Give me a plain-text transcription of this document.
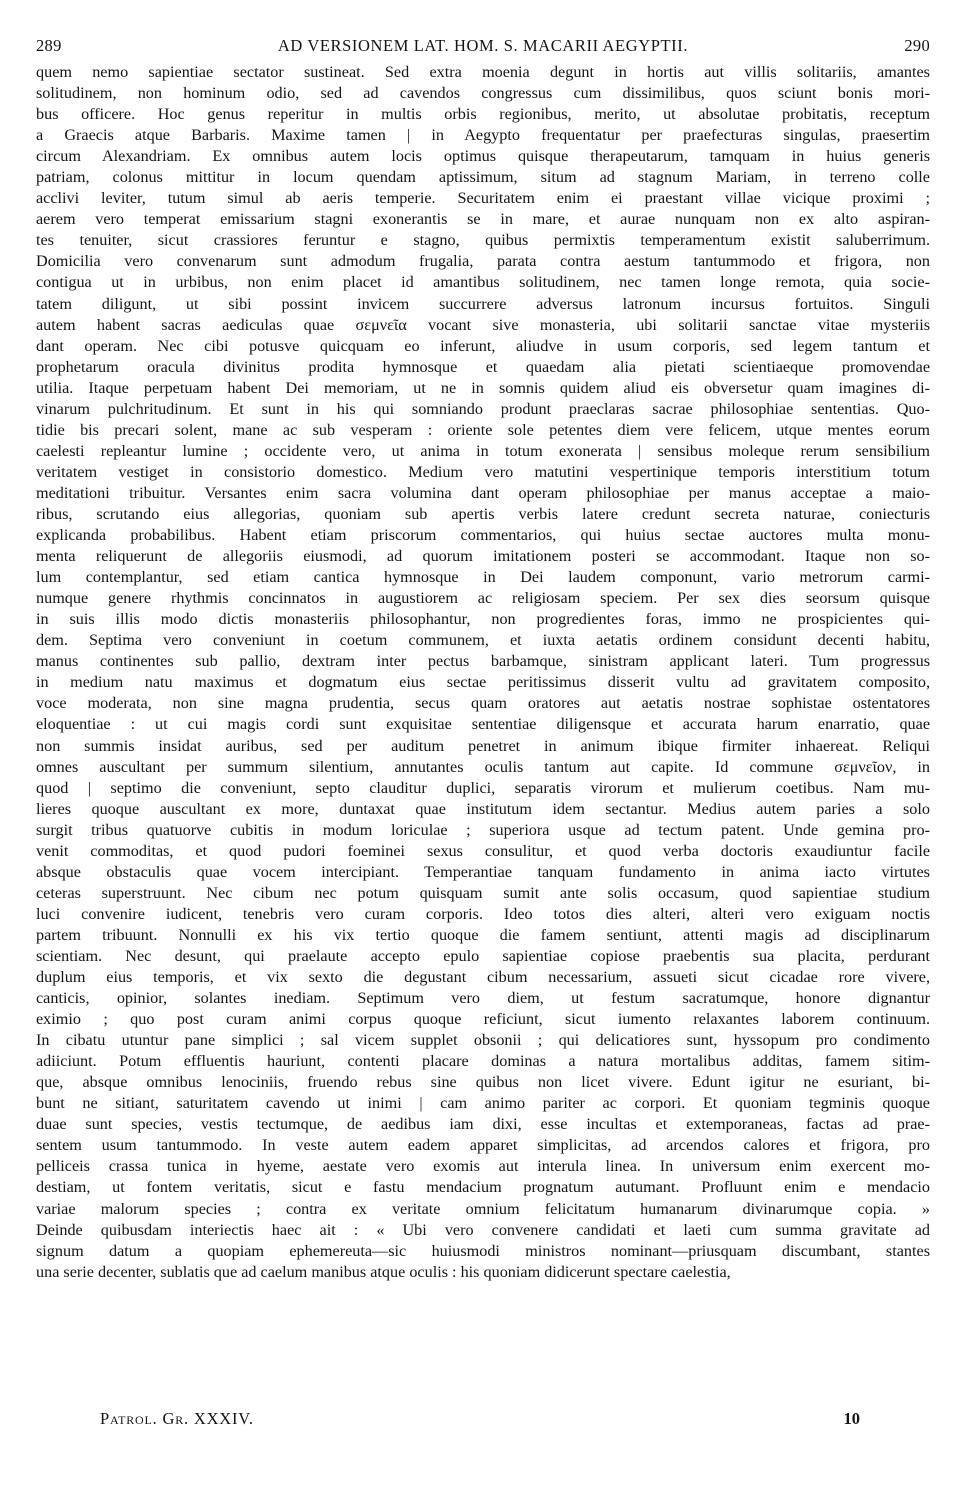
289	AD VERSIONEM LAT. HOM. S. MACARII AEGYPTII.	290
quem nemo sapientiae sectator sustineat. Sed extra moenia degunt in hortis aut villis solitariis, amantes
solitudinem, non hominum odio, sed ad cavendos congressus cum dissimilibus, quos sciunt bonis mori-
bus officere. Hoc genus reperitur in multis orbis regionibus, merito, ut absolutae probitatis, receptum
a Graecis atque Barbaris. Maxime tamen | in Aegypto frequentatur per praefecturas singulas, praesertim
circum Alexandriam. Ex omnibus autem locis optimus quisque therapeutarum, tamquam in huius generis
patriam, colonus mittitur in locum quendam aptissimum, situm ad stagnum Mariam, in terreno colle
acclivi leviter, tutum simul ab aeris temperie. Securitatem enim ei praestant villae vicique proximi ;
aerem vero temperat emissarium stagni exonerantis se in mare, et aurae nunquam non ex alto aspiran-
tes tenuiter, sicut crassiores feruntur e stagno, quibus permixtis temperamentum existit saluberrimum.
Domicilia vero convenarum sunt admodum frugalia, parata contra aestum tantummodo et frigora, non
contigua ut in urbibus, non enim placet id amantibus solitudinem, nec tamen longe remota, quia socie-
tatem diligunt, ut sibi possint invicem succurrere adversus latronum incursus fortuitos. Singuli
autem habent sacras aediculas quae σεμνεῖα vocant sive monasteria, ubi solitarii sanctae vitae mysteriis
dant operam. Nec cibi potusve quicquam eo inferunt, aliudve in usum corporis, sed legem tantum et
prophetarum oracula divinitus prodita hymnosque et quaedam alia pietati scientiaeque promovendae
utilia. Itaque perpetuam habent Dei memoriam, ut ne in somnis quidem aliud eis obversetur quam imagines di-
vinarum pulchritudinum. Et sunt in his qui somniando produnt praeclaras sacrae philosophiae sententias. Quo-
tidie bis precari solent, mane ac sub vesperam : oriente sole petentes diem vere felicem, utque mentes eorum
caelesti repleantur lumine ; occidente vero, ut anima in totum exonerata | sensibus moleque rerum sensibilium
veritatem vestiget in consistorio domestico. Medium vero matutini vespertinique temporis interstitium totum
meditationi tribuitur. Versantes enim sacra volumina dant operam philosophiae per manus acceptae a maio-
ribus, scrutando eius allegorias, quoniam sub apertis verbis latere credunt secreta naturae, coniecturis
explicanda probabilibus. Habent etiam priscorum commentarios, qui huius sectae auctores multa monu-
menta reliquerunt de allegoriis eiusmodi, ad quorum imitationem posteri se accommodant. Itaque non so-
lum contemplantur, sed etiam cantica hymnosque in Dei laudem componunt, vario metrorum carmi-
numque genere rhythmis concinnatos in augustiorem ac religiosam speciem. Per sex dies seorsum quisque
in suis illis modo dictis monasteriis philosophantur, non progredientes foras, immo ne prospicientes qui-
dem. Septima vero conveniunt in coetum communem, et iuxta aetatis ordinem considunt decenti habitu,
manus continentes sub pallio, dextram inter pectus barbamque, sinistram applicant lateri. Tum progressus
in medium natu maximus et dogmatum eius sectae peritissimus disserit vultu ad gravitatem composito,
voce moderata, non sine magna prudentia, secus quam oratores aut aetatis nostrae sophistae ostentatores
eloquentiae : ut cui magis cordi sunt exquisitae sententiae diligensque et accurata harum enarratio, quae
non summis insidat auribus, sed per auditum penetret in animum ibique firmiter inhaereat. Reliqui
omnes auscultant per summum silentium, annutantes oculis tantum aut capite. Id commune σεμνεῖον, in
quod | septimo die conveniunt, septo clauditur duplici, separatis virorum et mulierum coetibus. Nam mu-
lieres quoque auscultant ex more, duntaxat quae institutum idem sectantur. Medius autem paries a solo
surgit tribus quatuorve cubitis in modum loriculae ; superiora usque ad tectum patent. Unde gemina pro-
venit commoditas, et quod pudori foeminei sexus consulitur, et quod verba doctoris exaudiuntur facile
absque obstaculis quae vocem intercipiant. Temperantiae tanquam fundamento in anima iacto virtutes
ceteras superstruunt. Nec cibum nec potum quisquam sumit ante solis occasum, quod sapientiae studium
luci convenire iudicent, tenebris vero curam corporis. Ideo totos dies alteri, alteri vero exiguam noctis
partem tribuunt. Nonnulli ex his vix tertio quoque die famem sentiunt, attenti magis ad disciplinarum
scientiam. Nec desunt, qui praelaute accepto epulo sapientiae copiose praebentis sua placita, perdurant
duplum eius temporis, et vix sexto die degustant cibum necessarium, assueti sicut cicadae rore vivere,
canticis, opinior, solantes inediam. Septimum vero diem, ut festum sacratumque, honore dignantur
eximio ; quo post curam animi corpus quoque reficiunt, sicut iumento relaxantes laborem continuum.
In cibatu utuntur pane simplici ; sal vicem supplet obsonii ; qui delicatiores sunt, hyssopum pro condimento
adiiciunt. Potum effluentis hauriunt, contenti placare dominas a natura mortalibus additas, famem sitim-
que, absque omnibus lenociniis, fruendo rebus sine quibus non licet vivere. Edunt igitur ne esuriant, bi-
bunt ne sitiant, saturitatem cavendo ut inimi | cam animo pariter ac corpori. Et quoniam tegminis quoque
duae sunt species, vestis tectumque, de aedibus iam dixi, esse incultas et extemporaneas, factas ad prae-
sentem usum tantummodo. In veste autem eadem apparet simplicitas, ad arcendos calores et frigora, pro
pelliceis crassa tunica in hyeme, aestate vero exomis aut interula linea. In universum enim exercent mo-
destiam, ut fontem veritatis, sicut e fastu mendacium prognatum autumant. Profluunt enim e mendacio
variae malorum species ; contra ex veritate omnium felicitatum humanarum divinarumque copia. »
Deinde quibusdam interiectis haec ait : « Ubi vero convenere candidati et laeti cum summa gravitate ad
signum datum a quopiam ephemereuta—sic huiusmodi ministros nominant—priusquam discumbant, stantes
una serie decenter, sublatis que ad caelum manibus atque oculis : his quoniam didicerunt spectare caelestia,
Patrol. Gr. XXXIV.	10
